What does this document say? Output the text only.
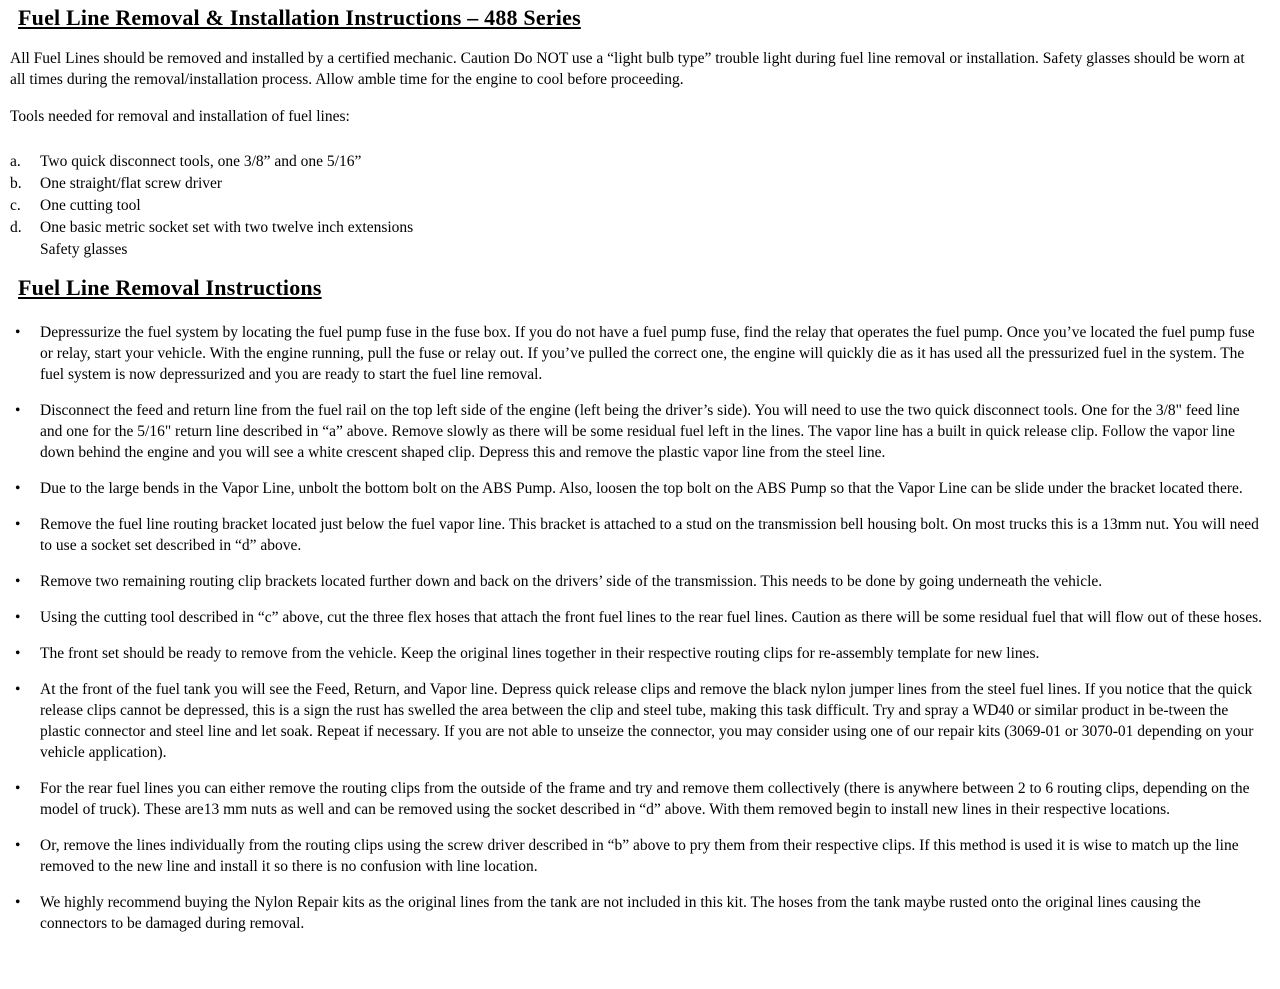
Fuel Line Removal & Installation Instructions – 488 Series

All Fuel Lines should be removed and installed by a certified mechanic. Caution Do NOT use a “light bulb type” trouble light during fuel line removal or installation. Safety glasses should be worn at all times during the removal/installation process. Allow amble time for the engine to cool before proceeding.

Tools needed for removal and installation of fuel lines:

a.	Two quick disconnect tools, one 3/8” and one 5/16”
b.	One straight/flat screw driver
c.	One cutting tool
d.	One basic metric socket set with two twelve inch extensions
Safety glasses
Fuel Line Removal Instructions
•
Depressurize the fuel system by locating the fuel pump fuse in the fuse box. If you do not have a fuel pump fuse, find the relay that operates the fuel pump. Once you’ve located the fuel pump fuse or relay, start your vehicle. With the engine running, pull the fuse or relay out. If you’ve pulled the correct one, the engine will quickly die as it has used all the pressurized fuel in the system. The fuel system is now depressurized and you are ready to start the fuel line removal.
•
Disconnect the feed and return line from the fuel rail on the top left side of the engine (left being the driver’s side). You will need to use the two quick disconnect tools. One for the 3/8" feed line and one for the 5/16" return line described in “a” above. Remove slowly as there will be some residual fuel left in the lines. The vapor line has a built in quick release clip. Follow the vapor line down behind the engine and you will see a white crescent shaped clip. Depress this and remove the plastic vapor line from the steel line.
•
Due to the large bends in the Vapor Line, unbolt the bottom bolt on the ABS Pump. Also, loosen the top bolt on the ABS Pump so that the Vapor Line can be slide under the bracket located there.
•
Remove the fuel line routing bracket located just below the fuel vapor line. This bracket is attached to a stud on the transmission bell housing bolt. On most trucks this is a 13mm nut. You will need to use a socket set described in “d” above.
•
Remove two remaining routing clip brackets located further down and back on the drivers’ side of the transmission. This needs to be done by going underneath the vehicle.
•
Using the cutting tool described in “c” above, cut the three flex hoses that attach the front fuel lines to the rear fuel lines. Caution as there will be some residual fuel that will flow out of these hoses.
•
The front set should be ready to remove from the vehicle. Keep the original lines together in their respective routing clips for re-assembly template for new lines.
•
At the front of the fuel tank you will see the Feed, Return, and Vapor line. Depress quick release clips and remove the black nylon jumper lines from the steel fuel lines. If you notice that the quick release clips cannot be depressed, this is a sign the rust has swelled the area between the clip and steel tube, making this task difficult. Try and spray a WD40 or similar product in be-tween the plastic connector and steel line and let soak. Repeat if necessary. If you are not able to unseize the connector, you may consider using one of our repair kits (3069-01 or 3070-01 depending on your vehicle application).
•
For the rear fuel lines you can either remove the routing clips from the outside of the frame and try and remove them collectively (there is anywhere between 2 to 6 routing clips, depending on the model of truck). These are13 mm nuts as well and can be removed using the socket described in “d” above. With them removed begin to install new lines in their respective locations.
•
Or, remove the lines individually from the routing clips using the screw driver described in “b” above to pry them from their respective clips. If this method is used it is wise to match up the line removed to the new line and install it so there is no confusion with line location.
•
We highly recommend buying the Nylon Repair kits as the original lines from the tank are not included in this kit. The hoses from the tank maybe rusted onto the original lines causing the connectors to be damaged during removal.
